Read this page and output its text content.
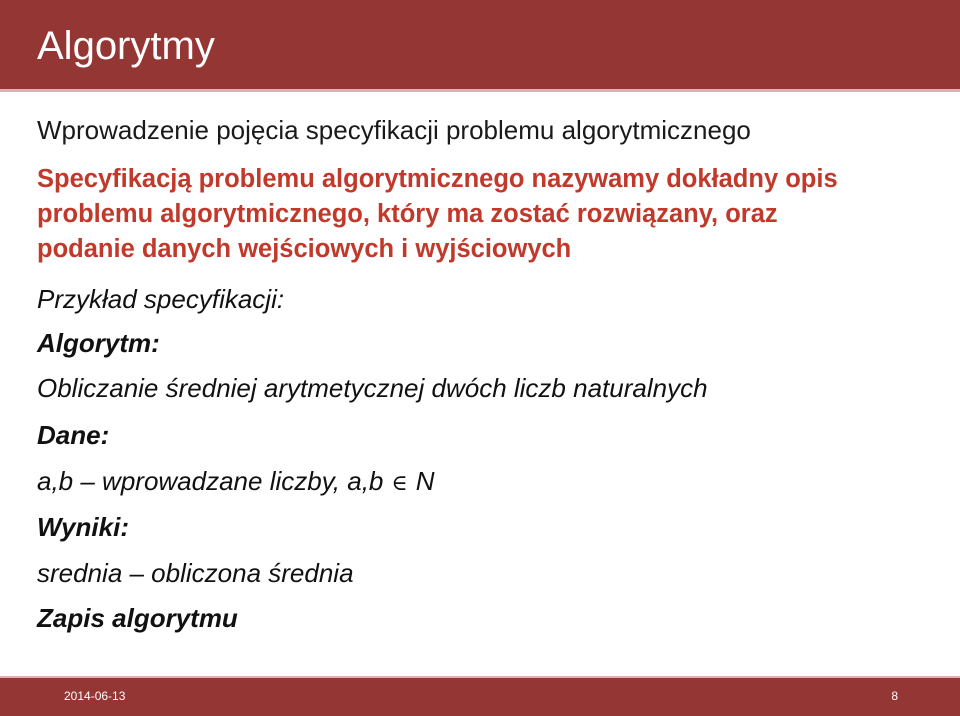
Algorytmy
Wprowadzenie pojęcia specyfikacji problemu algorytmicznego
Specyfikacją problemu algorytmicznego nazywamy dokładny opis
problemu algorytmicznego, który ma zostać rozwiązany, oraz
podanie danych wejściowych i wyjściowych
Przykład specyfikacji:
Algorytm:
Obliczanie średniej arytmetycznej dwóch liczb naturalnych
Dane:
a,b – wprowadzane liczby, a,b ∈ N
Wyniki:
srednia – obliczona średnia
Zapis algorytmu
2014-06-13	8
